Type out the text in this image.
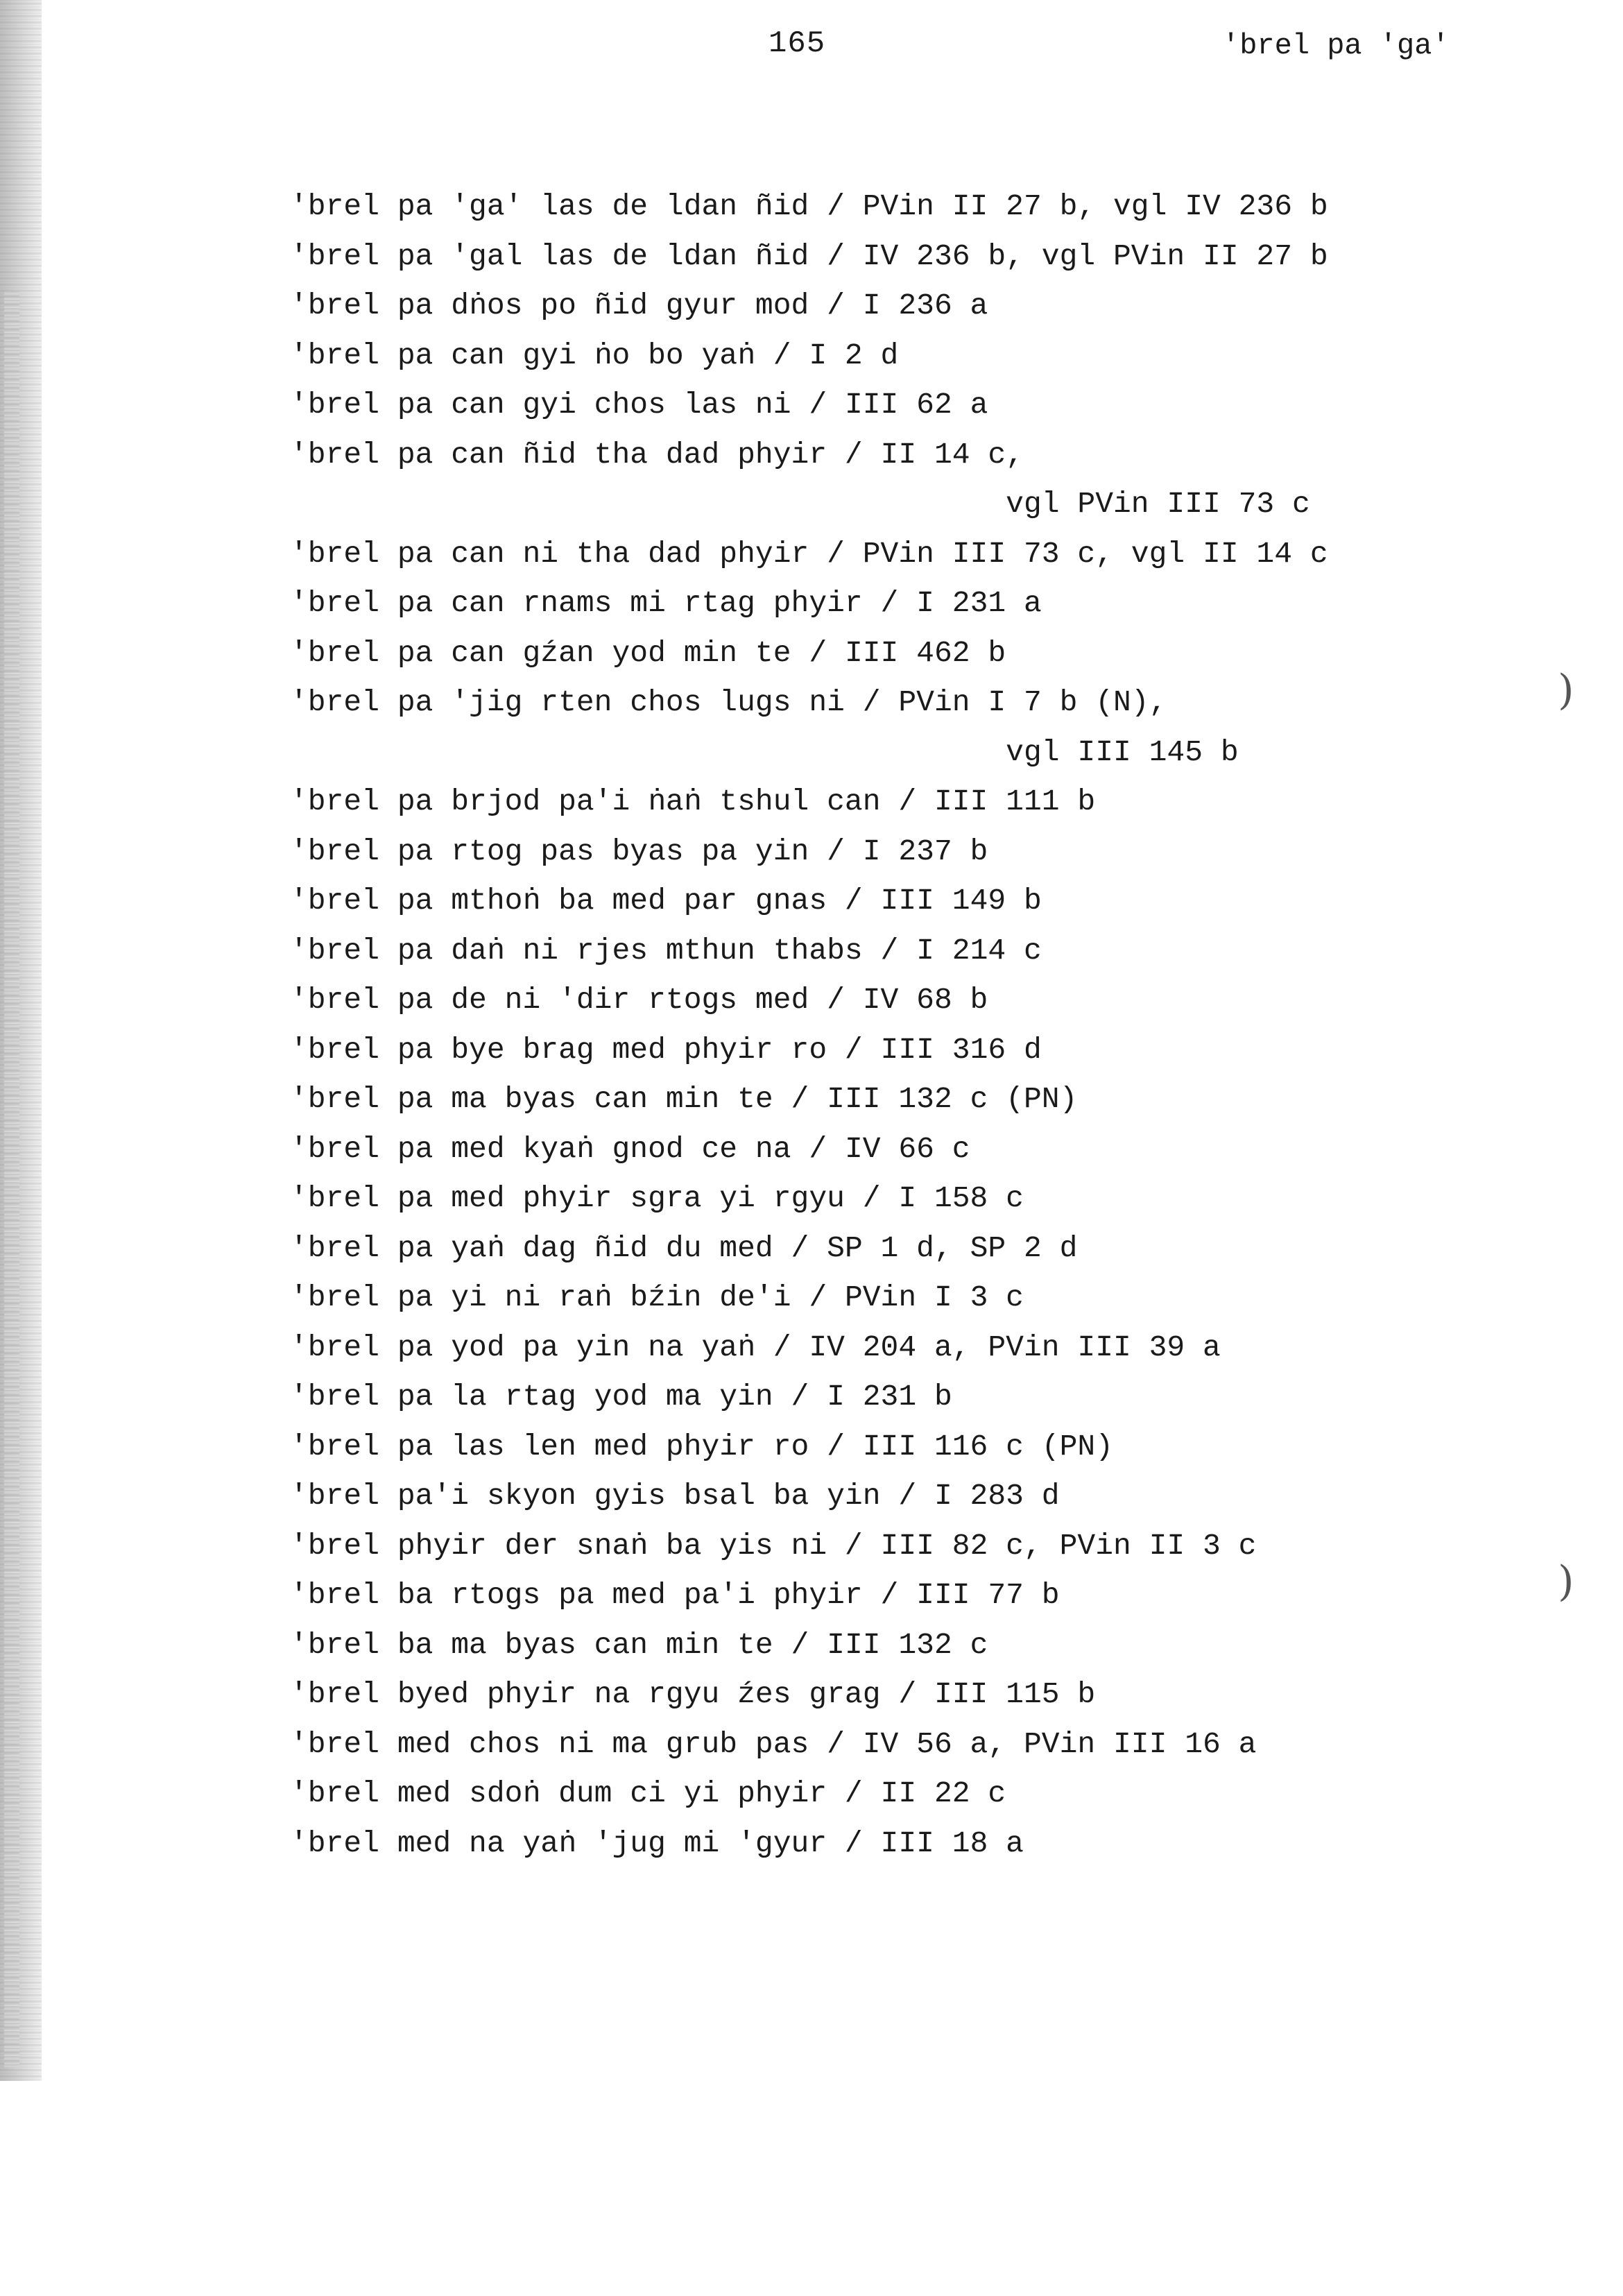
165	'brel pa 'ga'
'brel pa 'ga' las de ldan ñid / PVin II 27 b, vgl IV 236 b
'brel pa 'gal las de ldan ñid / IV 236 b, vgl PVin II 27 b
'brel pa dṅos po ñid gyur mod / I 236 a
'brel pa can gyi ṅo bo yaṅ / I 2 d
'brel pa can gyi chos las ni / III 62 a
'brel pa can ñid tha dad phyir / II 14 c,
vgl PVin III 73 c
'brel pa can ni tha dad phyir / PVin III 73 c, vgl II 14 c
'brel pa can rnams mi rtag phyir / I 231 a
'brel pa can gźan yod min te / III 462 b
'brel pa 'jig rten chos lugs ni / PVin I 7 b (N),
vgl III 145 b
'brel pa brjod pa'i ṅaṅ tshul can / III 111 b
'brel pa rtog pas byas pa yin / I 237 b
'brel pa mthoṅ ba med par gnas / III 149 b
'brel pa daṅ ni rjes mthun thabs / I 214 c
'brel pa de ni 'dir rtogs med / IV 68 b
'brel pa bye brag med phyir ro / III 316 d
'brel pa ma byas can min te / III 132 c (PN)
'brel pa med kyaṅ gnod ce na / IV 66 c
'brel pa med phyir sgra yi rgyu / I 158 c
'brel pa yaṅ dag ñid du med / SP 1 d, SP 2 d
'brel pa yi ni raṅ bźin de'i / PVin I 3 c
'brel pa yod pa yin na yaṅ / IV 204 a, PVin III 39 a
'brel pa la rtag yod ma yin / I 231 b
'brel pa las len med phyir ro / III 116 c (PN)
'brel pa'i skyon gyis bsal ba yin / I 283 d
'brel phyir der snaṅ ba yis ni / III 82 c, PVin II 3 c
'brel ba rtogs pa med pa'i phyir / III 77 b
'brel ba ma byas can min te / III 132 c
'brel byed phyir na rgyu źes grag / III 115 b
'brel med chos ni ma grub pas / IV 56 a, PVin III 16 a
'brel med sdoṅ dum ci yi phyir / II 22 c
'brel med na yaṅ 'jug mi 'gyur / III 18 a
)
)
